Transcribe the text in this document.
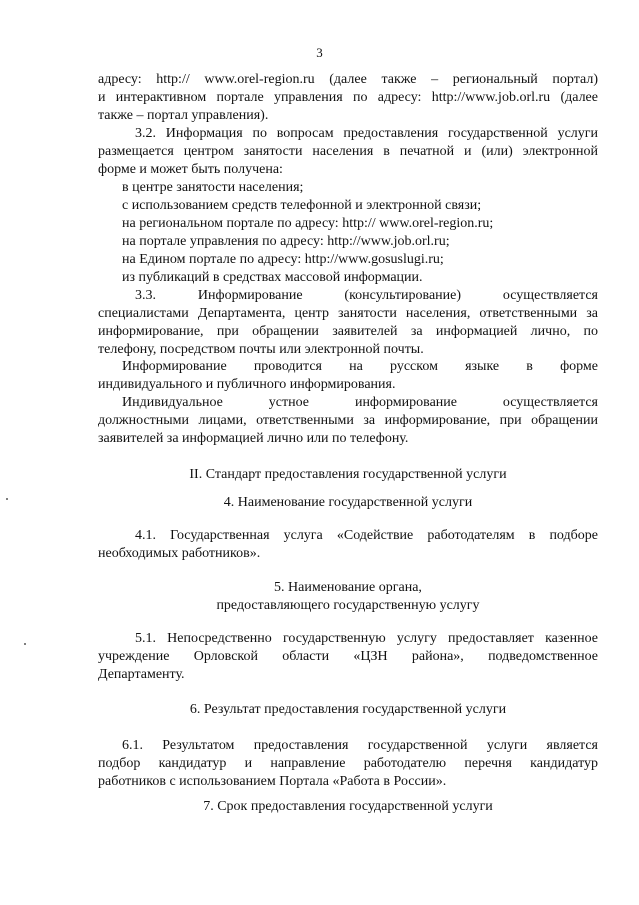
3
адресу: http:// www.orel-region.ru (далее также – региональный портал)
и интерактивном портале управления по адресу: http://www.job.orl.ru (далее
также – портал управления).
3.2. Информация по вопросам предоставления государственной услуги
размещается центром занятости населения в печатной и (или) электронной
форме и может быть получена:
в центре занятости населения;
с использованием средств телефонной и электронной связи;
на региональном портале по адресу: http:// www.orel-region.ru;
на портале управления по адресу: http://www.job.orl.ru;
на Едином портале по адресу: http://www.gosuslugi.ru;
из публикаций в средствах массовой информации.
3.3. Информирование (консультирование) осуществляется
специалистами Департамента, центр занятости населения, ответственными за
информирование, при обращении заявителей за информацией лично, по
телефону, посредством почты или электронной почты.
Информирование проводится на русском языке в форме
индивидуального и публичного информирования.
Индивидуальное устное информирование осуществляется
должностными лицами, ответственными за информирование, при обращении
заявителей за информацией лично или по телефону.
II. Стандарт предоставления государственной услуги
4. Наименование государственной услуги
4.1. Государственная услуга «Содействие работодателям в подборе
необходимых работников».
5. Наименование органа,
предоставляющего государственную услугу
5.1. Непосредственно государственную услугу предоставляет казенное
учреждение Орловской области «ЦЗН района», подведомственное
Департаменту.
6. Результат предоставления государственной услуги
6.1. Результатом предоставления государственной услуги является
подбор кандидатур и направление работодателю перечня кандидатур
работников с использованием Портала «Работа в России».
7. Срок предоставления государственной услуги
